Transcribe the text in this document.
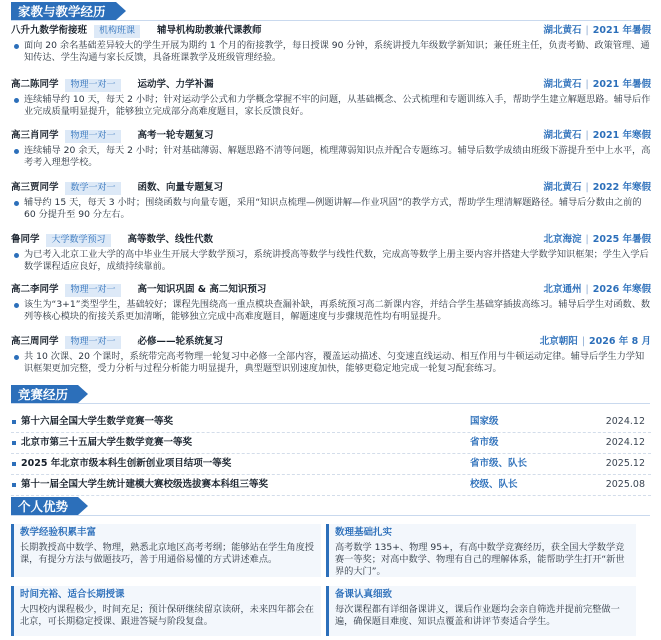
家教与教学经历
八升九数学衔接班 机构班课 辅导机构助教兼代课教师	湖北黄石 | 2021 年暑假
面向 20 余名基础差异较大的学生开展为期约 1 个月的衔接教学，每日授课 90 分钟，系统讲授九年级数学新知识；兼任班主任，负责考勤、政策管理、通知传达、学生沟通与家长反馈，具备班课教学及班级管理经验。
高二陈同学 物理一对一 运动学、力学补漏	湖北黄石 | 2021 年暑假
连续辅导约 10 天，每天 2 小时；针对运动学公式和力学概念掌握不牢的问题，从基础概念、公式梳理和专题训练入手，帮助学生建立解题思路。辅导后作业完成质量明显提升，能够独立完成部分高难度题目，家长反馈良好。
高三肖同学 物理一对一 高考一轮专题复习	湖北黄石 | 2021 年寒假
连续辅导 20 余天，每天 2 小时；针对基础薄弱、解题思路不清等问题，梳理薄弱知识点并配合专题练习。辅导后数学成绩由班级下游提升至中上水平，高考考入理想学校。
高三贾同学 数学一对一 函数、向量专题复习	湖北黄石 | 2022 年寒假
辅导约 15 天，每天 3 小时；围绕函数与向量专题，采用“知识点梳理—例题讲解—作业巩固”的教学方式，帮助学生理清解题路径。辅导后分数由之前的 60 分提升至 90 分左右。
鲁同学 大学数学预习 高等数学、线性代数	北京海淀 | 2025 年暑假
为已考入北京工业大学的高中毕业生开展大学数学预习，系统讲授高等数学与线性代数，完成高等数学上册主要内容并搭建大学数学知识框架；学生入学后数学课程适应良好，成绩持续靠前。
高二李同学 物理一对一 高一知识巩固 & 高二知识预习	北京通州 | 2026 年寒假
该生为“3+1”类型学生，基础较好；课程先围绕高一重点模块查漏补缺，再系统预习高二新课内容，并结合学生基础穿插拔高练习。辅导后学生对函数、数列等核心模块的衔接关系更加清晰，能够独立完成中高难度题目，解题速度与步骤规范性均有明显提升。
高三周同学 物理一对一 必修——轮系统复习	北京朝阳 | 2026 年 8 月
共 10 次课、20 个课时，系统带完高考物理一轮复习中必修一全部内容，覆盖运动描述、匀变速直线运动、相互作用与牛顿运动定律。辅导后学生力学知识框架更加完整，受力分析与过程分析能力明显提升，典型题型识别速度加快，能够更稳定地完成一轮复习配套练习。
竞赛经历
第十六届全国大学生数学竞赛一等奖	国家级	2024.12
北京市第三十五届大学生数学竞赛一等奖	省市级	2024.12
2025 年北京市级本科生创新创业项目结项一等奖	省市级、队长	2025.12
第十一届全国大学生统计建模大赛校级选拔赛本科组三等奖	校级、队长	2025.08
个人优势
教学经验积累丰富
长期教授高中数学、物理，熟悉北京地区高考考纲；能够站在学生角度授课，有提分方法与做题技巧，善于用通俗易懂的方式讲述难点。
数理基础扎实
高考数学 135+、物理 95+，有高中数学竞赛经历，获全国大学数学竞赛一等奖；对高中数学、物理有自己的理解体系，能帮助学生打开“新世界的大门”。
时间充裕、适合长期授课
大四校内课程极少，时间充足；预计保研继续留京读研，未来四年都会在北京，可长期稳定授课、跟进答疑与阶段复盘。
备课认真细致
每次课程都有详细备课讲义，课后作业题均会亲自筛选并提前完整做一遍，确保题目难度、知识点覆盖和讲评节奏适合学生。
